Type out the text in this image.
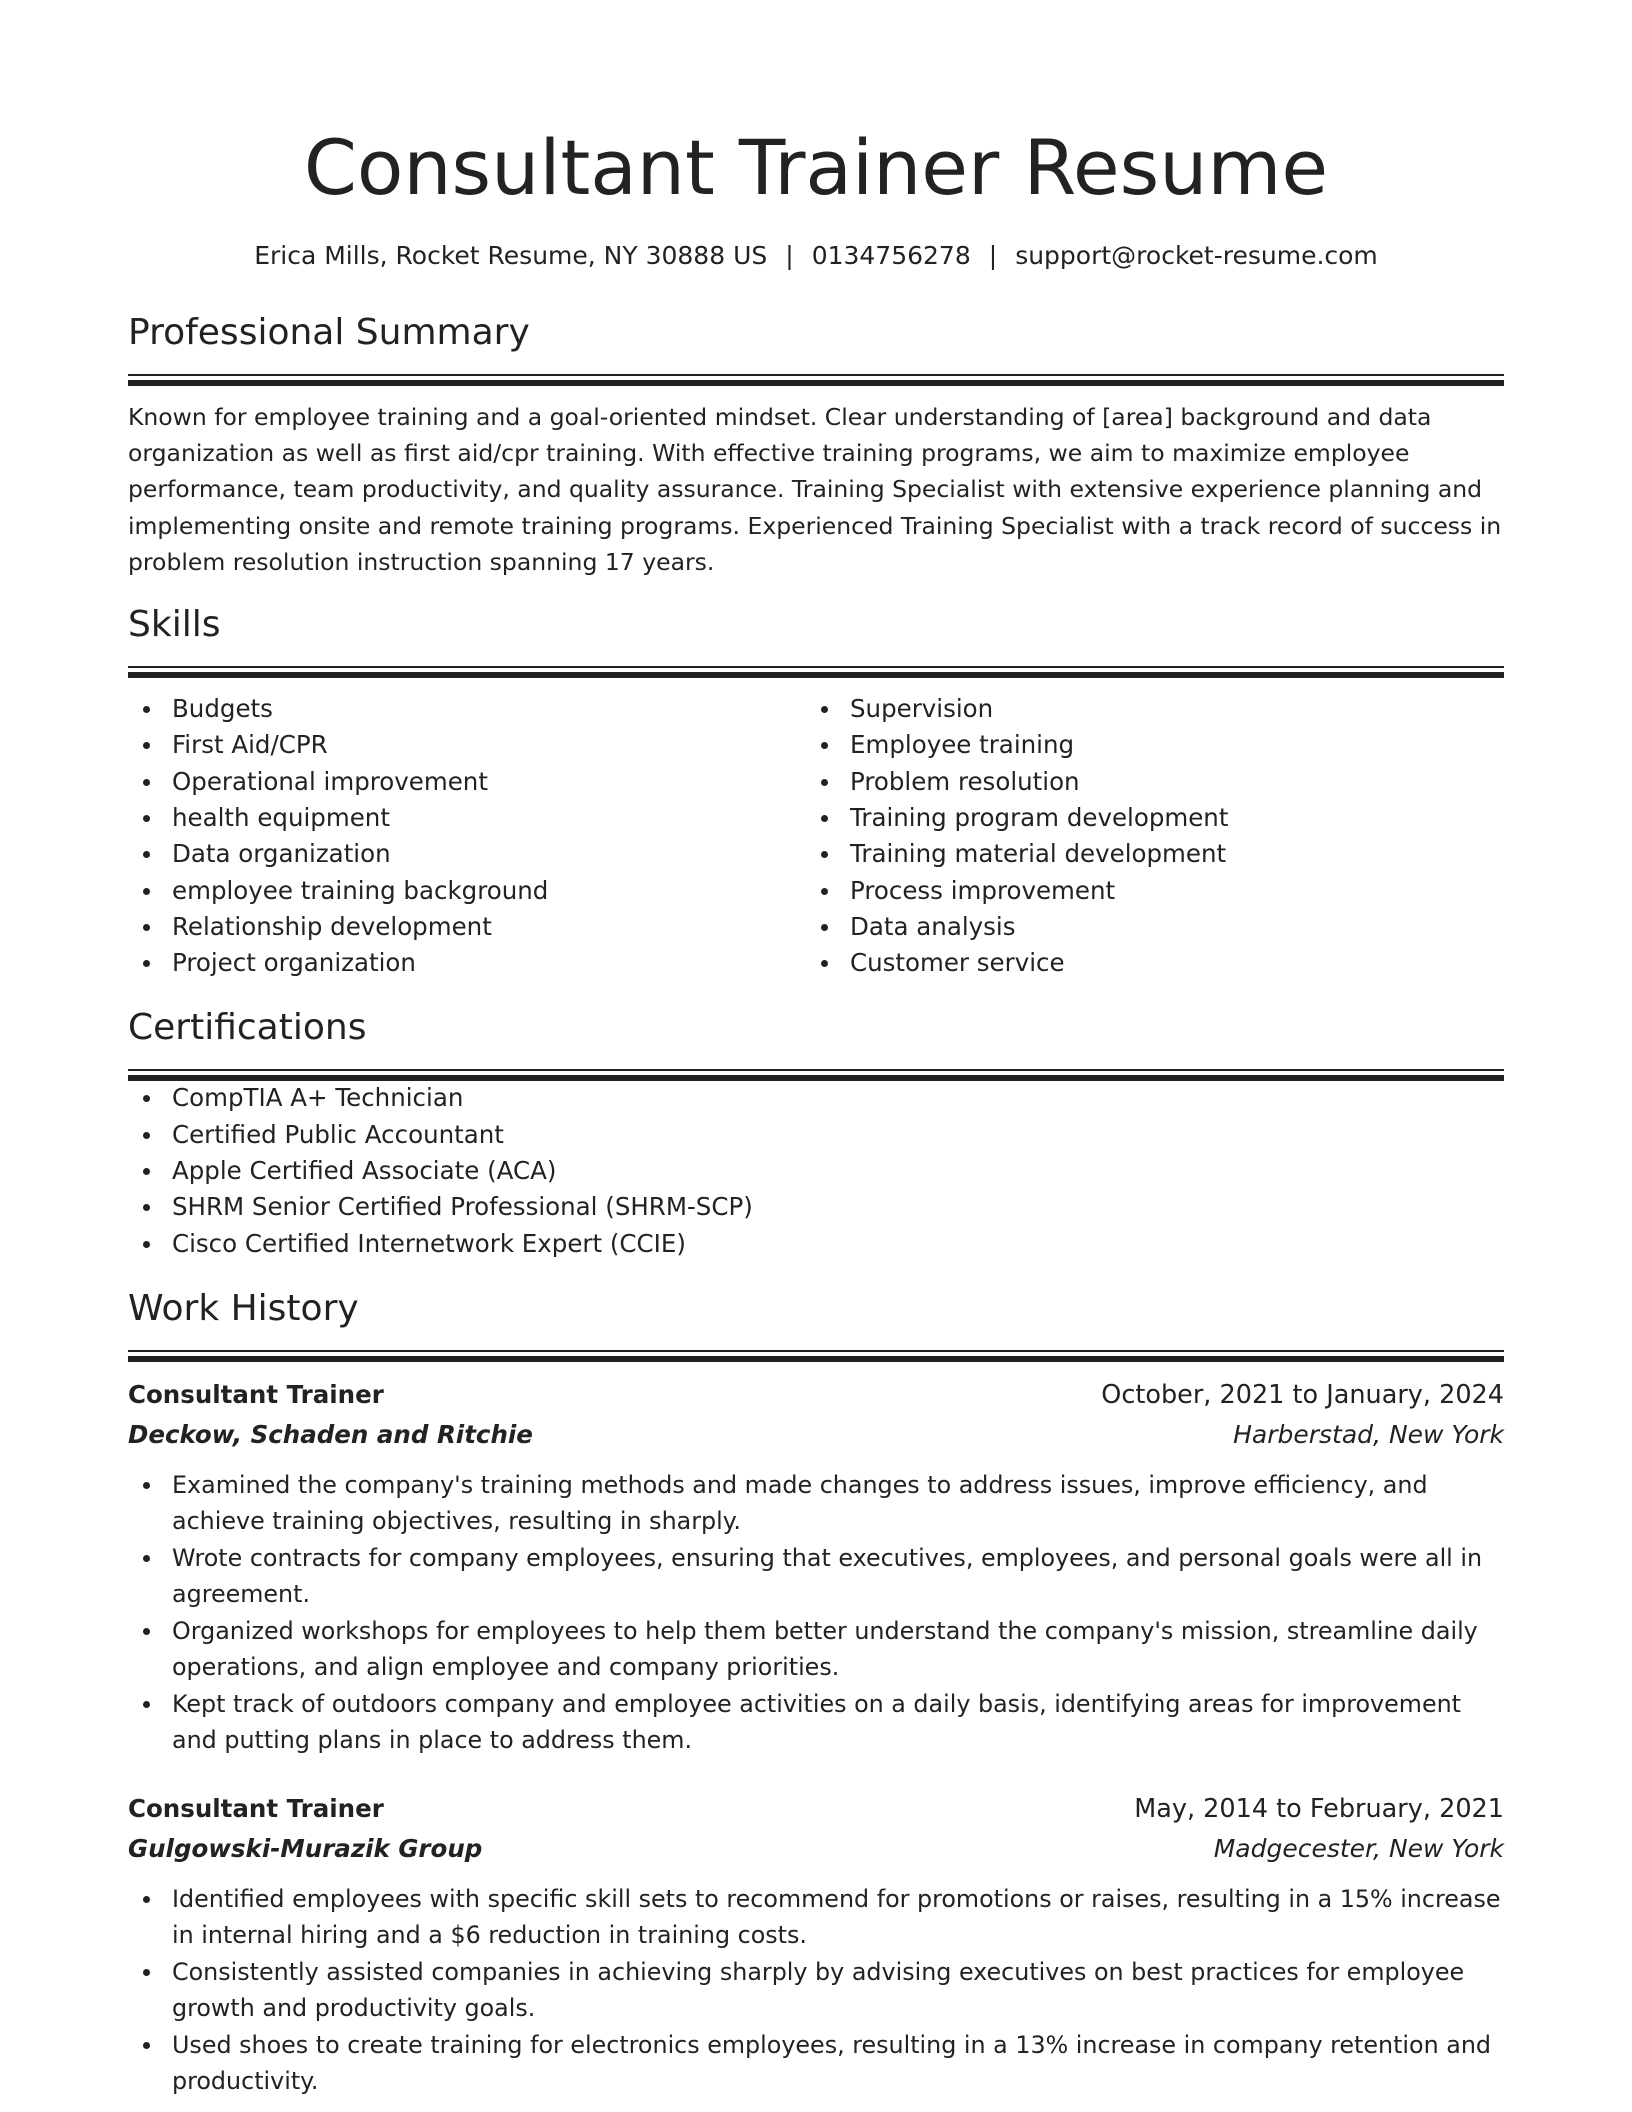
Consultant Trainer Resume
Erica Mills, Rocket Resume, NY 30888 US | 0134756278 | support@rocket-resume.com
Professional Summary

Known for employee training and a goal-oriented mindset. Clear understanding of [area] background and data organization as well as first aid/cpr training. With effective training programs, we aim to maximize employee performance, team productivity, and quality assurance. Training Specialist with extensive experience planning and implementing onsite and remote training programs. Experienced Training Specialist with a track record of success in problem resolution instruction spanning 17 years.

Skills
Budgets
First Aid/CPR
Operational improvement
health equipment
Data organization
employee training background
Relationship development
Project organization
Supervision
Employee training
Problem resolution
Training program development
Training material development
Process improvement
Data analysis
Customer service
Certifications
CompTIA A+ Technician
Certified Public Accountant
Apple Certified Associate (ACA)
SHRM Senior Certified Professional (SHRM-SCP)
Cisco Certified Internetwork Expert (CCIE)
Work History
Consultant Trainer	October, 2021 to January, 2024
Deckow, Schaden and Ritchie	Harberstad, New York
Examined the company's training methods and made changes to address issues, improve efficiency, and achieve training objectives, resulting in sharply.
Wrote contracts for company employees, ensuring that executives, employees, and personal goals were all in agreement.
Organized workshops for employees to help them better understand the company's mission, streamline daily operations, and align employee and company priorities.
Kept track of outdoors company and employee activities on a daily basis, identifying areas for improvement and putting plans in place to address them.
Consultant Trainer	May, 2014 to February, 2021
Gulgowski-Murazik Group	Madgecester, New York
Identified employees with specific skill sets to recommend for promotions or raises, resulting in a 15% increase in internal hiring and a $6 reduction in training costs.
Consistently assisted companies in achieving sharply by advising executives on best practices for employee growth and productivity goals.
Used shoes to create training for electronics employees, resulting in a 13% increase in company retention and productivity.
